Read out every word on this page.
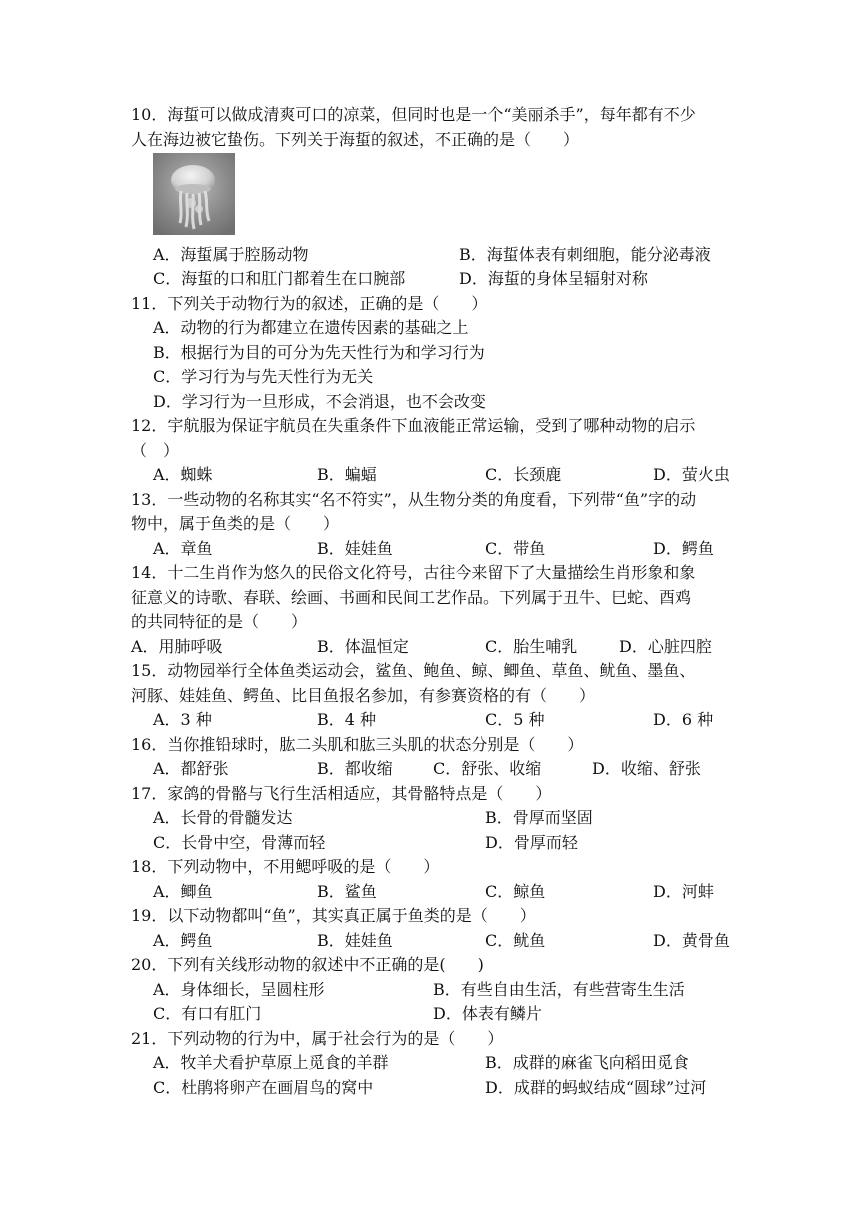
10．海蜇可以做成清爽可口的凉菜，但同时也是一个“美丽杀手”，每年都有不少
人在海边被它蛰伤。下列关于海蜇的叙述，不正确的是（　　）
A．海蜇属于腔肠动物	B．海蜇体表有刺细胞，能分泌毒液
C．海蜇的口和肛门都着生在口腕部	D．海蜇的身体呈辐射对称
11．下列关于动物行为的叙述，正确的是（　　）
A．动物的行为都建立在遗传因素的基础之上
B．根据行为目的可分为先天性行为和学习行为
C．学习行为与先天性行为无关
D．学习行为一旦形成，不会消退，也不会改变
12．宇航服为保证宇航员在失重条件下血液能正常运输，受到了哪种动物的启示
（　）
A．蜘蛛	B．蝙蝠	C．长颈鹿	D．萤火虫
13．一些动物的名称其实“名不符实”，从生物分类的角度看，下列带“鱼”字的动
物中，属于鱼类的是（　　）
A．章鱼	B．娃娃鱼	C．带鱼	D．鳄鱼
14．十二生肖作为悠久的民俗文化符号，古往今来留下了大量描绘生肖形象和象
征意义的诗歌、春联、绘画、书画和民间工艺作品。下列属于丑牛、巳蛇、酉鸡
的共同特征的是（　　）
A．用肺呼吸	B．体温恒定	C．胎生哺乳	D．心脏四腔
15．动物园举行全体鱼类运动会，鲨鱼、鲍鱼、鲸、鲫鱼、草鱼、鱿鱼、墨鱼、
河豚、娃娃鱼、鳄鱼、比目鱼报名参加，有参赛资格的有（　　）
A．3 种	B．4 种	C．5 种	D．6 种
16．当你推铅球时，肱二头肌和肱三头肌的状态分别是（　　）
A．都舒张	B．都收缩	C．舒张、收缩	D．收缩、舒张
17．家鸽的骨骼与飞行生活相适应，其骨骼特点是（　　）
A．长骨的骨髓发达	B．骨厚而坚固
C．长骨中空，骨薄而轻	D．骨厚而轻
18．下列动物中，不用鳃呼吸的是（　　）
A．鲫鱼	B．鲨鱼	C．鲸鱼	D．河蚌
19．以下动物都叫“鱼”，其实真正属于鱼类的是（　　）
A．鳄鱼	B．娃娃鱼	C．鱿鱼	D．黄骨鱼
20．下列有关线形动物的叙述中不正确的是(　　)
A．身体细长，呈圆柱形	B．有些自由生活，有些营寄生生活
C．有口有肛门	D．体表有鳞片
21．下列动物的行为中，属于社会行为的是（　　）
A．牧羊犬看护草原上觅食的羊群	B．成群的麻雀飞向稻田觅食
C．杜鹃将卵产在画眉鸟的窝中	D．成群的蚂蚁结成“圆球”过河
